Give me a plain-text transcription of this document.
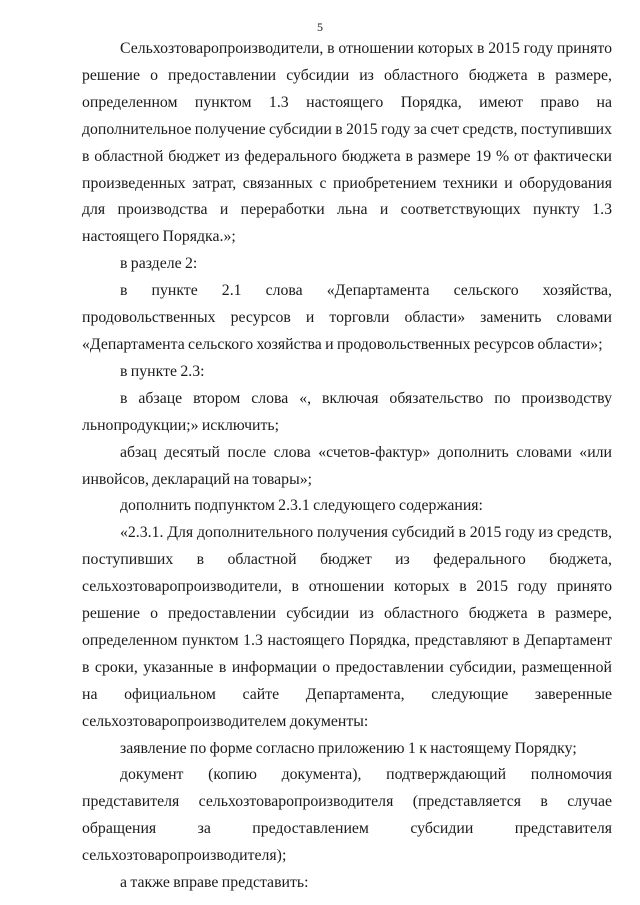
5

Сельхозтоваропроизводители, в отношении которых в 2015 году принято решение о предоставлении субсидии из областного бюджета в размере, определенном пунктом 1.3 настоящего Порядка, имеют право на дополнительное получение субсидии в 2015 году за счет средств, поступивших в областной бюджет из федерального бюджета в размере 19 % от фактически произведенных затрат, связанных с приобретением техники и оборудования для производства и переработки льна и соответствующих пункту 1.3 настоящего Порядка.»;

в разделе 2:

в пункте 2.1 слова «Департамента сельского хозяйства, продовольственных ресурсов и торговли области» заменить словами «Департамента сельского хозяйства и продовольственных ресурсов области»;

в пункте 2.3:

в абзаце втором слова «, включая обязательство по производству льнопродукции;» исключить;

абзац десятый после слова «счетов-фактур» дополнить словами «или инвойсов, деклараций на товары»;

дополнить подпунктом 2.3.1 следующего содержания:

«2.3.1. Для дополнительного получения субсидий в 2015 году из средств, поступивших в областной бюджет из федерального бюджета, сельхозтоваропроизводители, в отношении которых в 2015 году принято решение о предоставлении субсидии из областного бюджета в размере, определенном пунктом 1.3 настоящего Порядка, представляют в Департамент в сроки, указанные в информации о предоставлении субсидии, размещенной на официальном сайте Департамента, следующие заверенные сельхозтоваропроизводителем документы:

заявление по форме согласно приложению 1 к настоящему Порядку;

документ (копию документа), подтверждающий полномочия представителя сельхозтоваропроизводителя (представляется в случае обращения за предоставлением субсидии представителя сельхозтоваропроизводителя);

а также вправе представить:
